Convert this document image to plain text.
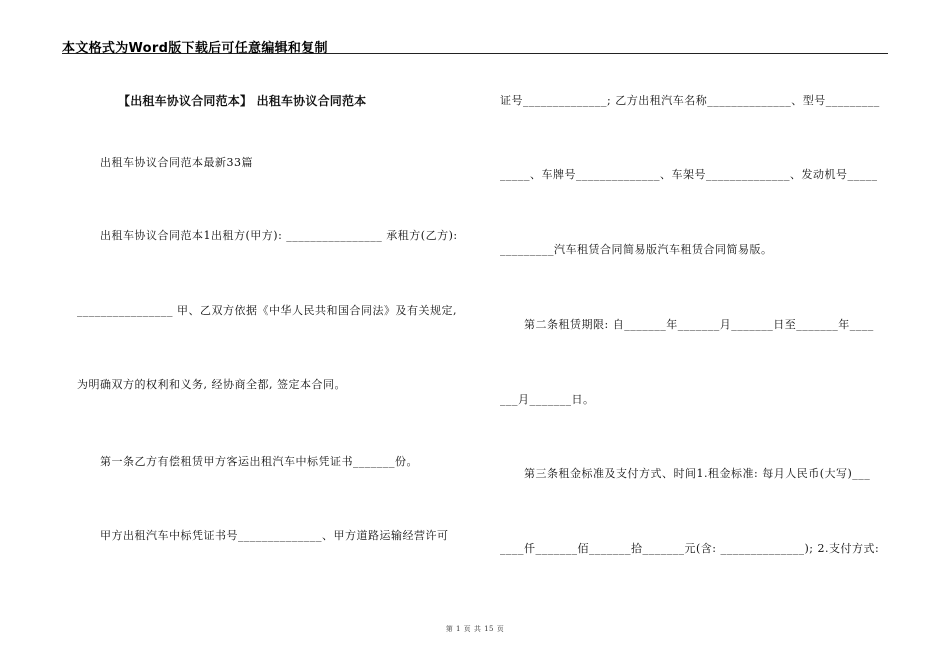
本文格式为Word版下载后可任意编辑和复制
【出租车协议合同范本】 出租车协议合同范本
出租车协议合同范本最新33篇
出租车协议合同范本1出租方(甲方): ________________ 承租方(乙方):
________________ 甲、乙双方依据《中华人民共和国合同法》及有关规定,
为明确双方的权利和义务, 经协商全都, 签定本合同。
第一条乙方有偿租赁甲方客运出租汽车中标凭证书_______份。
甲方出租汽车中标凭证书号______________、甲方道路运输经营许可
证号______________; 乙方出租汽车名称______________、型号_________
_____、车牌号______________、车架号______________、发动机号_____
_________汽车租赁合同简易版汽车租赁合同简易版。
第二条租赁期限: 自_______年_______月_______日至_______年____
___月_______日。
第三条租金标准及支付方式、时间1.租金标准: 每月人民币(大写)___
____仟_______佰_______拾_______元(含: ______________); 2.支付方式:
第 1 页 共 15 页
